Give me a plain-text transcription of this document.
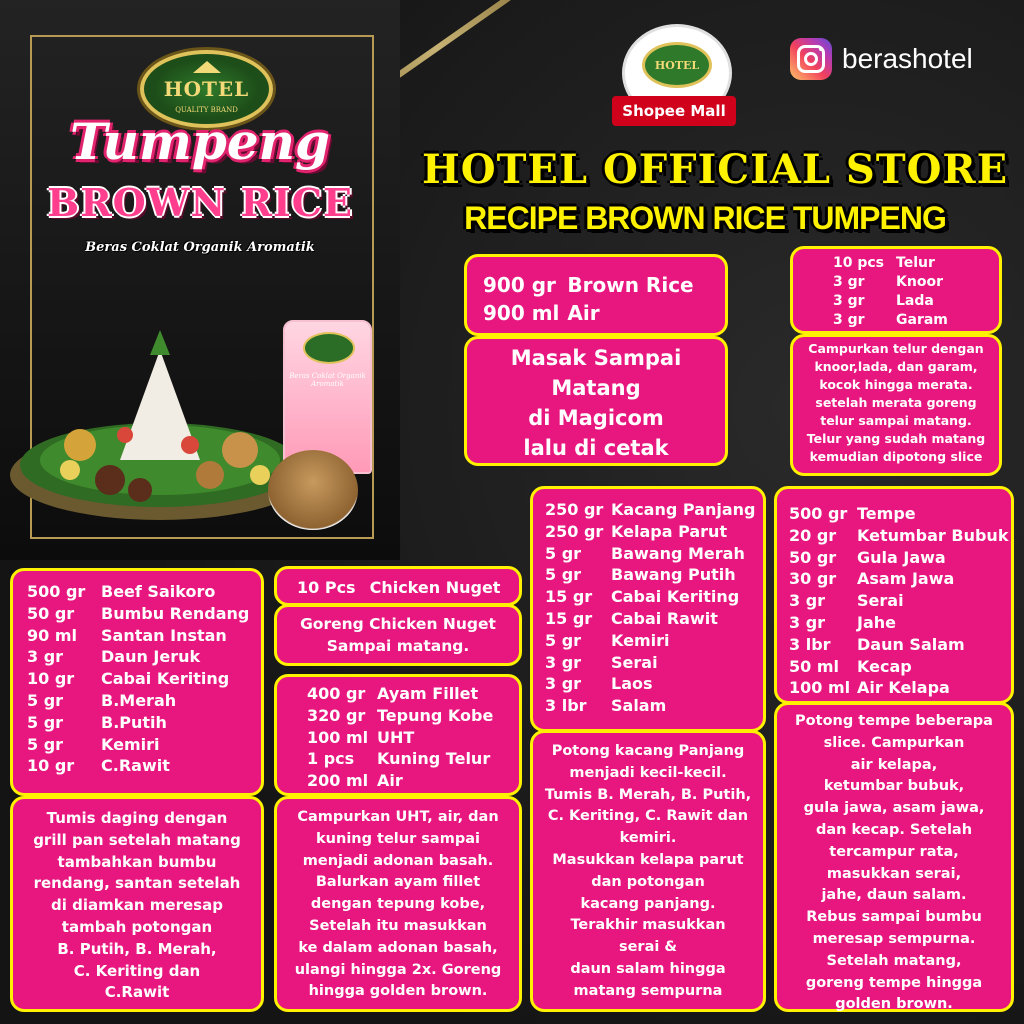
HOTEL
QUALITY BRAND
Tumpeng
BROWN RICE
Beras Coklat Organik Aromatik
Beras Coklat Organik Aromatik
HOTEL
Shopee Mall
berashotel
HOTEL OFFICIAL STORE
RECIPE BROWN RICE TUMPENG
900 gr	Brown Rice
900 ml	Air
Masak Sampai
Matang
di Magicom
lalu di cetak
10 pcs	Telur
3 gr	Knoor
3 gr	Lada
3 gr	Garam
Campurkan telur dengan
knoor,lada, dan garam,
kocok hingga merata.
setelah merata goreng
telur sampai matang.
Telur yang sudah matang
kemudian dipotong slice
500 gr	Beef Saikoro
50 gr	Bumbu Rendang
90 ml	Santan Instan
3 gr	Daun Jeruk
10 gr	Cabai Keriting
5 gr	B.Merah
5 gr	B.Putih
5 gr	Kemiri
10 gr	C.Rawit
Tumis daging dengan
grill pan setelah matang
tambahkan bumbu
rendang, santan setelah
di diamkan meresap
tambah potongan
B. Putih, B. Merah,
C. Keriting dan
C.Rawit
10 Pcs	Chicken Nuget
Goreng Chicken Nuget
Sampai matang.
400 gr	Ayam Fillet
320 gr	Tepung Kobe
100 ml	UHT
1 pcs	Kuning Telur
200 ml	Air
Campurkan UHT, air, dan
kuning telur sampai
menjadi adonan basah.
Balurkan ayam fillet
dengan tepung kobe,
Setelah itu masukkan
ke dalam adonan basah,
ulangi hingga 2x. Goreng
hingga golden brown.
250 gr	Kacang Panjang
250 gr	Kelapa Parut
5 gr	Bawang Merah
5 gr	Bawang Putih
15 gr	Cabai Keriting
15 gr	Cabai Rawit
5 gr	Kemiri
3 gr	Serai
3 gr	Laos
3 lbr	Salam
Potong kacang Panjang
menjadi kecil-kecil.
Tumis B. Merah, B. Putih,
C. Keriting, C. Rawit dan
kemiri.
Masukkan kelapa parut
dan potongan
kacang panjang.
Terakhir masukkan
serai &
daun salam hingga
matang sempurna
500 gr	Tempe
20 gr	Ketumbar Bubuk
50 gr	Gula Jawa
30 gr	Asam Jawa
3 gr	Serai
3 gr	Jahe
3 lbr	Daun Salam
50 ml	Kecap
100 ml	Air Kelapa
Potong tempe beberapa
slice. Campurkan
air kelapa,
ketumbar bubuk,
gula jawa, asam jawa,
dan kecap. Setelah
tercampur rata,
masukkan serai,
jahe, daun salam.
Rebus sampai bumbu
meresap sempurna.
Setelah matang,
goreng tempe hingga
golden brown.
